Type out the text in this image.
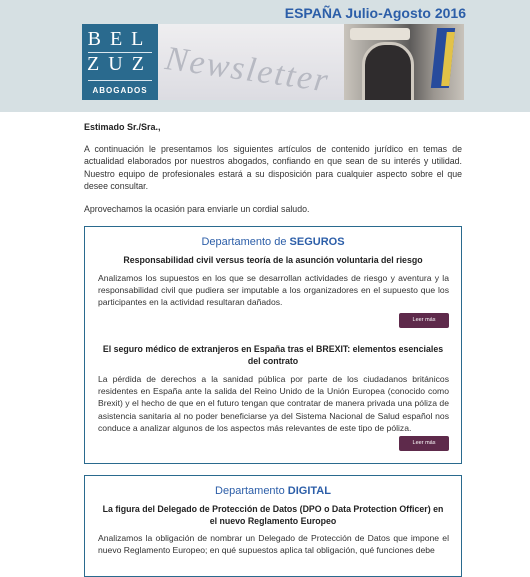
ESPAÑA Julio-Agosto 2016
BEL
ZUZ
ABOGADOS Newsletter
Estimado Sr./Sra.,
A continuación le presentamos los siguientes artículos de contenido jurídico en temas de actualidad elaborados por nuestros abogados, confiando en que sean de su interés y utilidad. Nuestro equipo de profesionales estará a su disposición para cualquier aspecto sobre el que desee consultar.
Aprovechamos la ocasión para enviarle un cordial saludo.
Departamento de SEGUROS
Responsabilidad civil versus teoría de la asunción voluntaria del riesgo
Analizamos los supuestos en los que se desarrollan actividades de riesgo y aventura y la responsabilidad civil que pudiera ser imputable a los organizadores en el supuesto que los participantes en la actividad resultaran dañados.
Leer más
El seguro médico de extranjeros en España tras el BREXIT: elementos esenciales del contrato
La pérdida de derechos a la sanidad pública por parte de los ciudadanos británicos residentes en España ante la salida del Reino Unido de la Unión Europea (conocido como Brexit) y el hecho de que en el futuro tengan que contratar de manera privada una póliza de asistencia sanitaria al no poder beneficiarse ya del Sistema Nacional de Salud español nos conduce a analizar algunos de los aspectos más relevantes de este tipo de póliza.
Leer más
Departamento DIGITAL
La figura del Delegado de Protección de Datos (DPO o Data Protection Officer) en el nuevo Reglamento Europeo
Analizamos la obligación de nombrar un Delegado de Protección de Datos que impone el nuevo Reglamento Europeo; en qué supuestos aplica tal obligación, qué funciones debe
